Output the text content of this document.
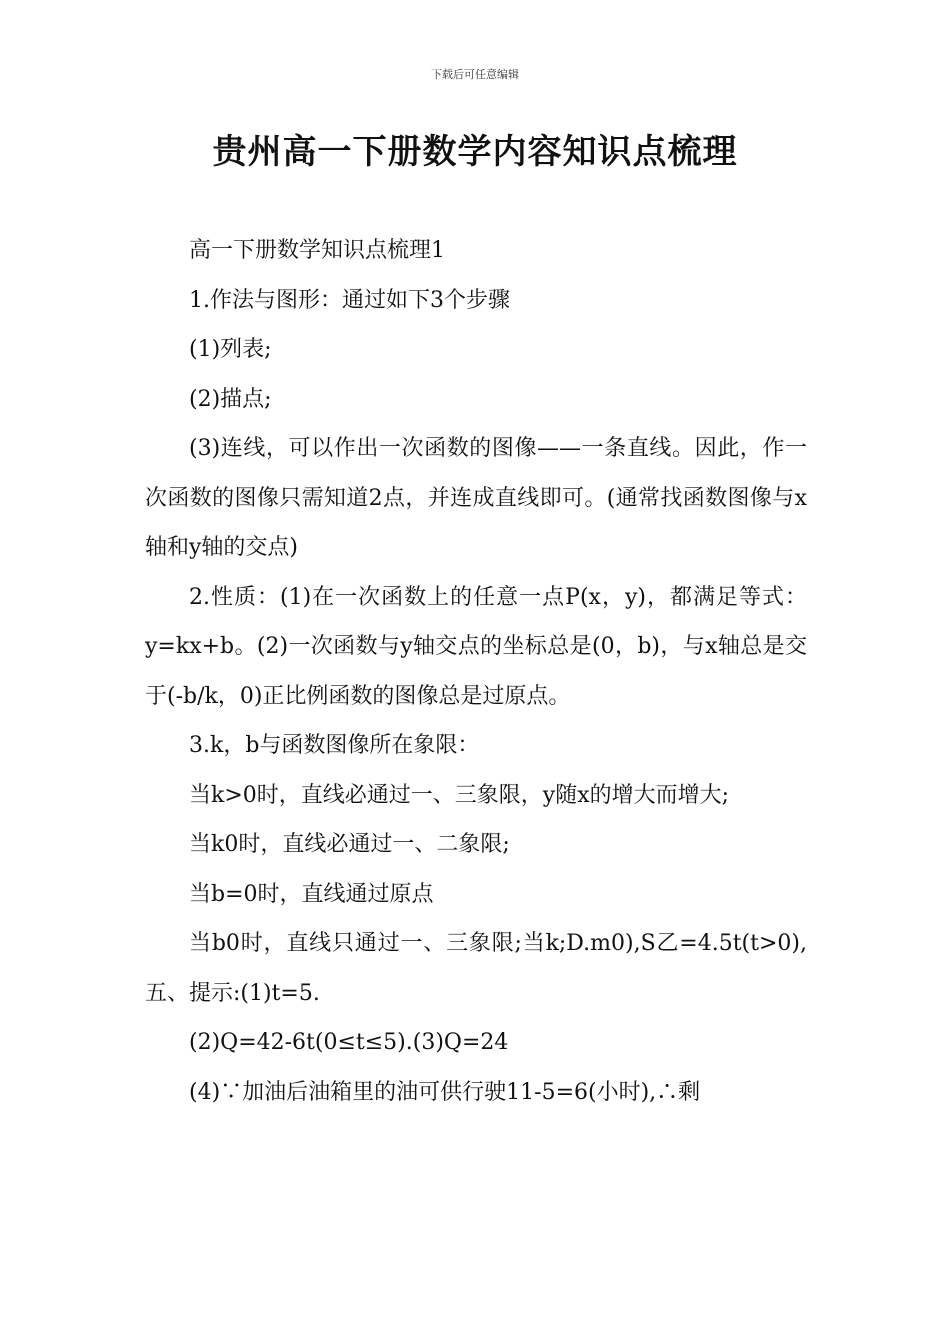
下载后可任意编辑
贵州高一下册数学内容知识点梳理

高一下册数学知识点梳理1

1.作法与图形：通过如下3个步骤

(1)列表;

(2)描点;

(3)连线，可以作出一次函数的图像——一条直线。因此，作一次函数的图像只需知道2点，并连成直线即可。(通常找函数图像与x轴和y轴的交点)

2.性质：(1)在一次函数上的任意一点P(x，y)，都满足等式：y=kx+b。(2)一次函数与y轴交点的坐标总是(0，b)，与x轴总是交于(-b/k，0)正比例函数的图像总是过原点。

3.k，b与函数图像所在象限：

当k>0时，直线必通过一、三象限，y随x的增大而增大;

当k0时，直线必通过一、二象限;

当b=0时，直线通过原点

当b0时，直线只通过一、三象限;当k;D.m0),S乙=4.5t(t>0),五、提示:(1)t=5.

(2)Q=42-6t(0≤t≤5).(3)Q=24

(4)∵加油后油箱里的油可供行驶11-5=6(小时),∴剩
